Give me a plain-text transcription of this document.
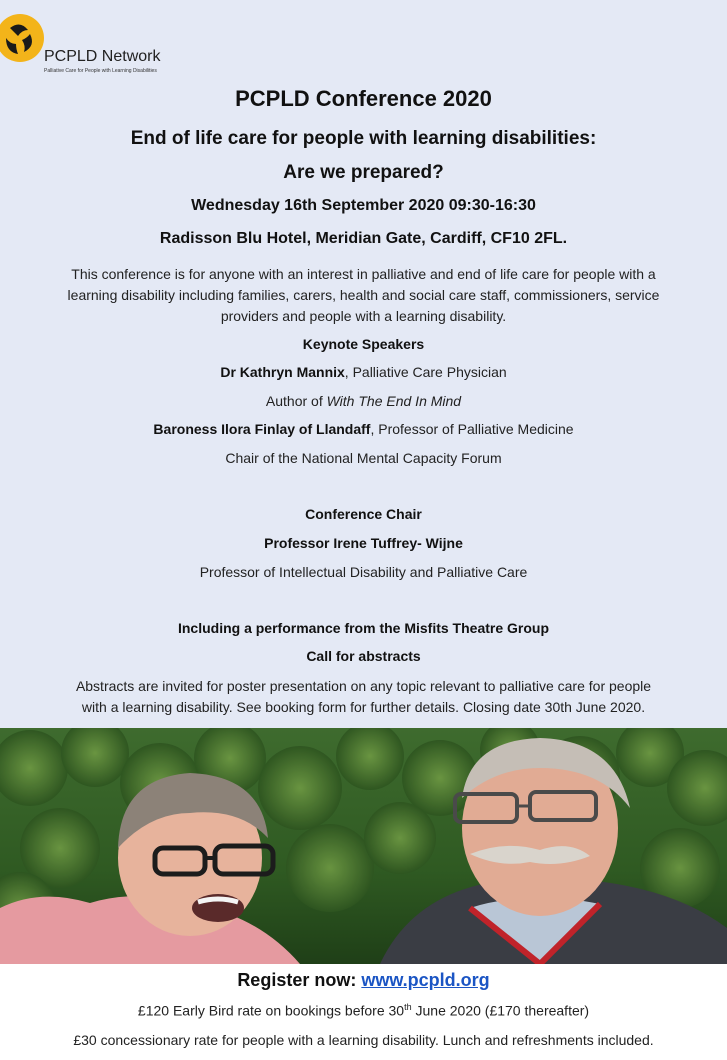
PCPLD Network
Palliative Care for People with Learning Disabilities
PCPLD Conference 2020
End of life care for people with learning disabilities:
Are we prepared?
Wednesday 16th September 2020 09:30-16:30
Radisson Blu Hotel, Meridian Gate, Cardiff, CF10 2FL.
This conference is for anyone with an interest in palliative and end of life care for people with a
learning disability including families, carers, health and social care staff, commissioners, service
providers and people with a learning disability.
Keynote Speakers
Dr Kathryn Mannix, Palliative Care Physician
Author of With The End In Mind
Baroness Ilora Finlay of Llandaff, Professor of Palliative Medicine
Chair of the National Mental Capacity Forum
Conference Chair
Professor Irene Tuffrey- Wijne
Professor of Intellectual Disability and Palliative Care
Including a performance from the Misfits Theatre Group
Call for abstracts
Abstracts are invited for poster presentation on any topic relevant to palliative care for people
with a learning disability. See booking form for further details. Closing date 30th June 2020.
Register now: www.pcpld.org
£120 Early Bird rate on bookings before 30th June 2020 (£170 thereafter)
£30 concessionary rate for people with a learning disability. Lunch and refreshments included.
